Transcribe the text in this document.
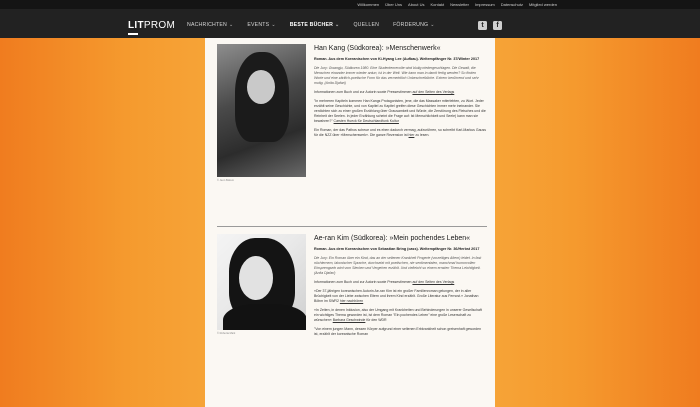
Willkommen Über Uns About Us Kontakt Newsletter Impressum Datenschutz Mitglied werden
LITPROM NACHRICHTEN ⌄	EVENTS ⌄	BESTE BÜCHER ⌄	QUELLEN	FÖRDERUNG ⌄	t	f
© Jeon Bokum
Han Kang (Südkorea): »Menschenwerk«
Roman. Aus dem Koreanischen von Ki-Hyang Lee (Aufbau). Weltempfänger Nr. 37/Winter 2017
Die Jury: Gwangju, Südkorea 1980. Eine Studentenrevolte wird blutig niedergeschlagen. Die Gewalt, die Menschen einander immer wieder antun, ist in der Welt. Wie kann man in damit fertig werden? So finden Worte und eine zärtlich-poetische Form für das vermeintlich Unbeschreibliche. Extrem berührend und sehr mutig. (Anita Djafari)
Informationen zum Buch und zur Autorin sowie Pressestimmen auf den Seiten des Verlags
"In mehreren Kapiteln kommen Han Kangs Protagonisten, jene, die das Massaker miterlebten, zu Wort. Jeder erzählt seine Geschichte, und von Kapitel zu Kapitel greifen diese Geschichten immer mehr ineinander. Sie verdichten sich zu einer großen Erzählung über Grausamkeit und Würde, die Zerstörung des Fleisches und die Reinheit der Seelen. In jeder Erzählung scheint die Frage auf: Ist Menschlichkeit und Seele) kann man sie bewahren?" Carsten Hueck für Deutschlandfunk Kultur
Ein Roman, der das Pathos scheue und es eben dadurch vermag, aufzurühren, so schreibt Karl-Markus Gauss für die NZZ über »Menschenwerk«. Die ganze Rezension ist hier zu lesen.
© Roberta Mark
Ae-ran Kim (Südkorea): »Mein pochendes Leben«
Roman. Aus dem Koreanischen von Sebastian Bring (cass). Weltempfänger Nr. 36/Herbst 2017
Die Jury: Ein Roman über ein Kind, das an der seltenen Krankheit Progerie (vorzeitiges Altern) leidet. In fast nüchternem, lakonischer Sprache, durchsetzt mit poetischen, nie sentimentalen, manchmal humorvollen Einsprengseln wird vom Sterben und Vergehen erzählt. Und vielleicht so einem ernsten Thema Leichtigkeit. (Anita Djafari)
Informationen zum Buch und zur Autorin sowie Pressestimmen auf den Seiten des Verlags
»Der 37-jährigen koreanischen Autorin Ae-ran Kim ist ein großer Familienroman gelungen, der in aller Brüchigkeit von der Liebe zwischen Eltern und ihrem Kind erzählt. Große Literatur aus Fernost.« Jonathan Böhm im SWR2 hier nachhören
»In Zeiten, in denen Inklusion, also der Umgang mit Krankheiten und Behinderungen in unserer Gesellschaft ein wichtiges Thema geworden ist, ist dem Roman "Ein pochendes Leben" eine große Leserschaft zu wünschen« Barbara Geschwinde für den WDR
"Von einem jungen Mann, dessen Körper aufgrund einer seltenen Erbkrankheit schon greisenhaft geworden ist, erzählt der koreanische Roman
